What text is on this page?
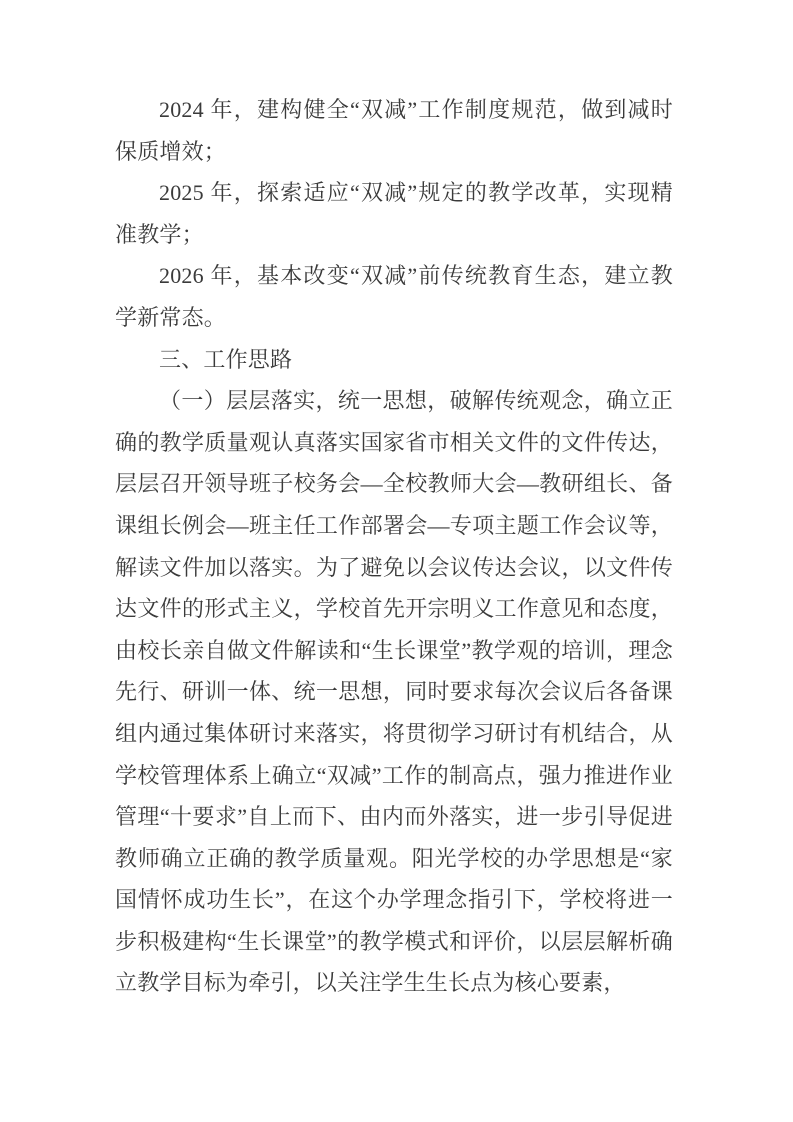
2024 年，建构健全“双减”工作制度规范，做到减时保质增效；

2025 年，探索适应“双减”规定的教学改革，实现精准教学；

2026 年，基本改变“双减”前传统教育生态，建立教学新常态。

三、工作思路

（一）层层落实，统一思想，破解传统观念，确立正确的教学质量观认真落实国家省市相关文件的文件传达，层层召开领导班子校务会—全校教师大会—教研组长、备课组长例会—班主任工作部署会—专项主题工作会议等，解读文件加以落实。为了避免以会议传达会议，以文件传达文件的形式主义，学校首先开宗明义工作意见和态度，由校长亲自做文件解读和“生长课堂”教学观的培训，理念先行、研训一体、统一思想，同时要求每次会议后各备课组内通过集体研讨来落实，将贯彻学习研讨有机结合，从学校管理体系上确立“双减”工作的制高点，强力推进作业管理“十要求”自上而下、由内而外落实，进一步引导促进教师确立正确的教学质量观。阳光学校的办学思想是“家国情怀成功生长”，在这个办学理念指引下，学校将进一步积极建构“生长课堂”的教学模式和评价，以层层解析确立教学目标为牵引，以关注学生生长点为核心要素，
